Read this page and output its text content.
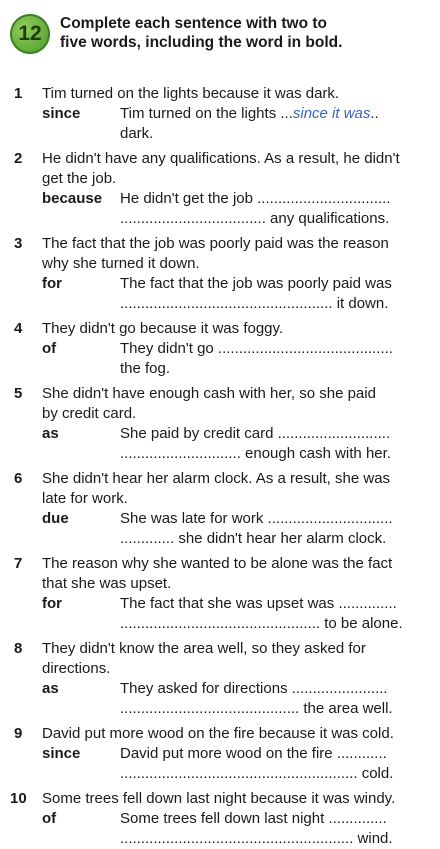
12	Complete each sentence with two to
five words, including the word in bold.
1	Tim turned on the lights because it was dark.
since	Tim turned on the lights ...since it was..
dark.
2	He didn't have any qualifications. As a result, he didn't
get the job.
because	He didn't get the job ................................
................................... any qualifications.
3	The fact that the job was poorly paid was the reason
why she turned it down.
for	The fact that the job was poorly paid was
................................................... it down.
4	They didn't go because it was foggy.
of	They didn't go ..........................................
the fog.
5	She didn't have enough cash with her, so she paid
by credit card.
as	She paid by credit card ...........................
............................. enough cash with her.
6	She didn't hear her alarm clock. As a result, she was
late for work.
due	She was late for work ..............................
............. she didn't hear her alarm clock.
7	The reason why she wanted to be alone was the fact
that she was upset.
for	The fact that she was upset was ..............
................................................ to be alone.
8	They didn't know the area well, so they asked for
directions.
as	They asked for directions .......................
........................................... the area well.
9	David put more wood on the fire because it was cold.
since	David put more wood on the fire ............
......................................................... cold.
10	Some trees fell down last night because it was windy.
of	Some trees fell down last night ..............
........................................................ wind.
